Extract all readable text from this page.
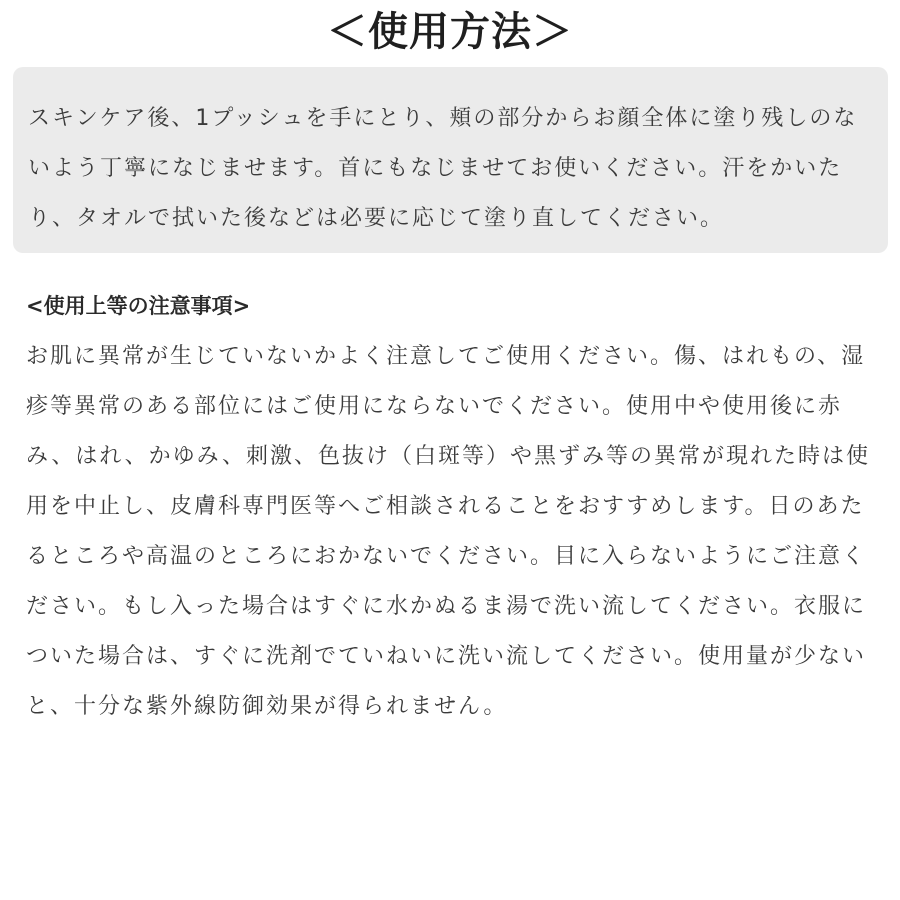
＜使用方法＞

スキンケア後、1プッシュを手にとり、頬の部分からお顔全体に塗り残しのないよう丁寧になじませます。首にもなじませてお使いください。汗をかいたり、タオルで拭いた後などは必要に応じて塗り直してください。

<使用上等の注意事項>

お肌に異常が生じていないかよく注意してご使用ください。傷、はれもの、湿疹等異常のある部位にはご使用にならないでください。使用中や使用後に赤み、はれ、かゆみ、刺激、色抜け（白斑等）や黒ずみ等の異常が現れた時は使用を中止し、皮膚科専門医等へご相談されることをおすすめします。日のあたるところや高温のところにおかないでください。目に入らないようにご注意ください。もし入った場合はすぐに水かぬるま湯で洗い流してください。衣服についた場合は、すぐに洗剤でていねいに洗い流してください。使用量が少ないと、十分な紫外線防御効果が得られません。
